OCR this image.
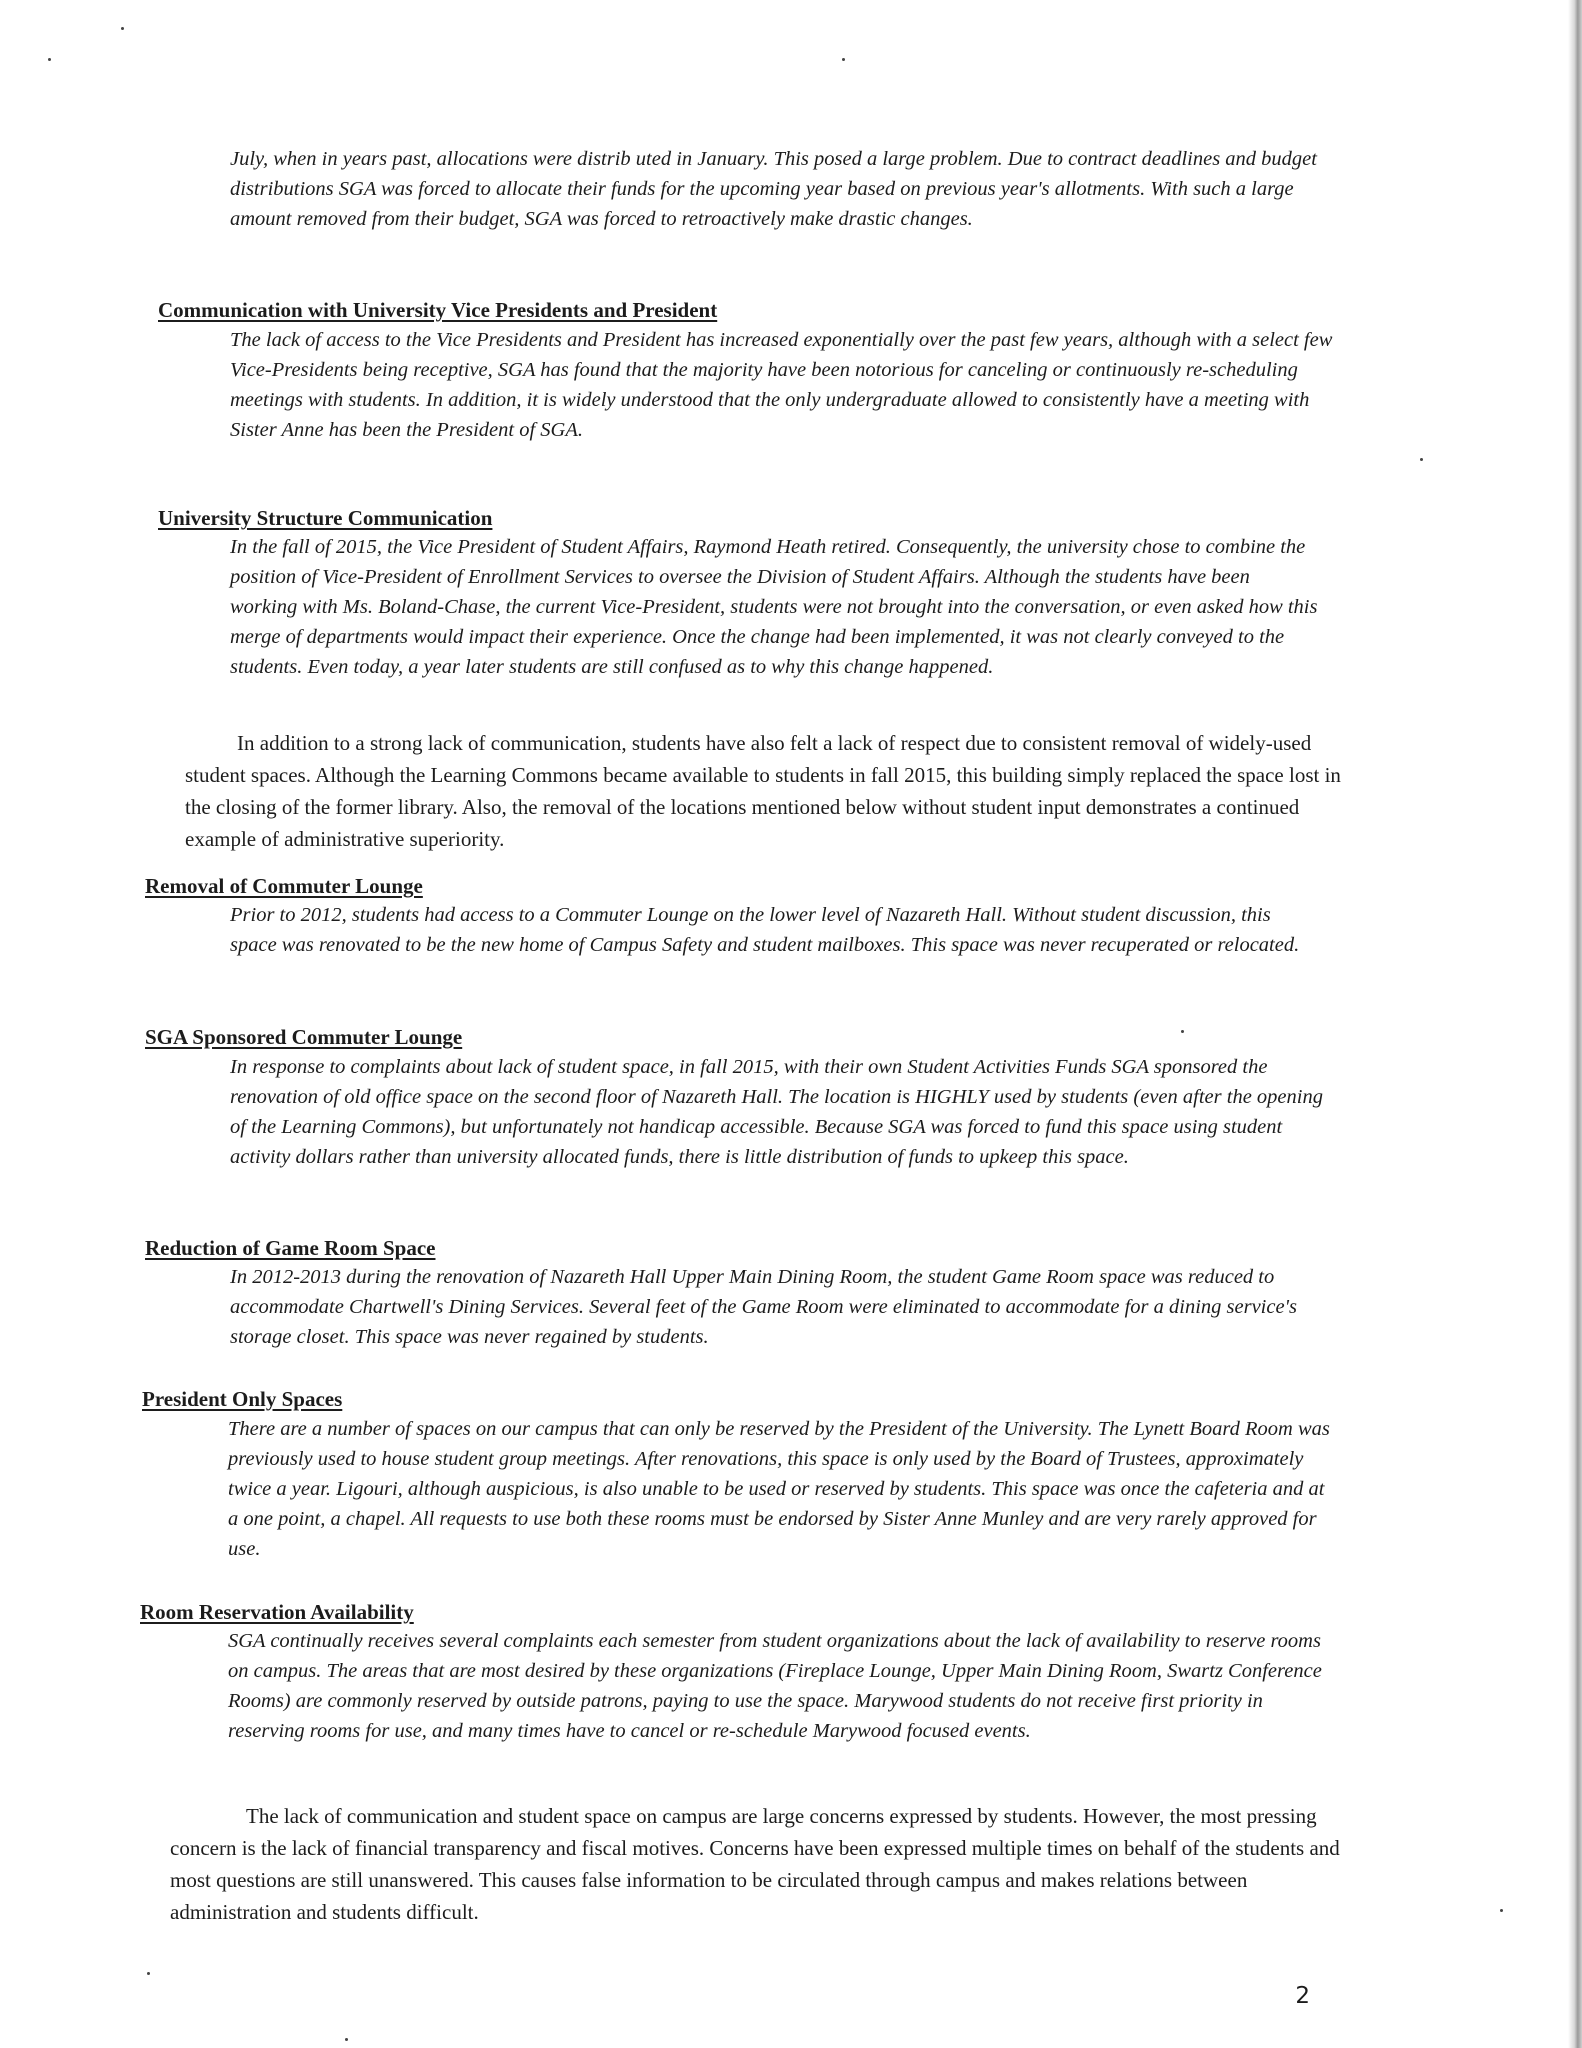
July, when in years past, allocations were distrib uted in January. This posed a large problem. Due to contract deadlines and budget distributions SGA was forced to allocate their funds for the upcoming year based on previous year's allotments. With such a large amount removed from their budget, SGA was forced to retroactively make drastic changes.

Communication with University Vice Presidents and President

The lack of access to the Vice Presidents and President has increased exponentially over the past few years, although with a select few Vice-Presidents being receptive, SGA has found that the majority have been notorious for canceling or continuously re-scheduling meetings with students. In addition, it is widely understood that the only undergraduate allowed to consistently have a meeting with Sister Anne has been the President of SGA.

University Structure Communication

In the fall of 2015, the Vice President of Student Affairs, Raymond Heath retired. Consequently, the university chose to combine the position of Vice-President of Enrollment Services to oversee the Division of Student Affairs. Although the students have been working with Ms. Boland-Chase, the current Vice-President, students were not brought into the conversation, or even asked how this merge of departments would impact their experience. Once the change had been implemented, it was not clearly conveyed to the students. Even today, a year later students are still confused as to why this change happened.

In addition to a strong lack of communication, students have also felt a lack of respect due to consistent removal of widely-used student spaces. Although the Learning Commons became available to students in fall 2015, this building simply replaced the space lost in the closing of the former library. Also, the removal of the locations mentioned below without student input demonstrates a continued example of administrative superiority.

Removal of Commuter Lounge

Prior to 2012, students had access to a Commuter Lounge on the lower level of Nazareth Hall. Without student discussion, this space was renovated to be the new home of Campus Safety and student mailboxes. This space was never recuperated or relocated.

SGA Sponsored Commuter Lounge

In response to complaints about lack of student space, in fall 2015, with their own Student Activities Funds SGA sponsored the renovation of old office space on the second floor of Nazareth Hall. The location is HIGHLY used by students (even after the opening of the Learning Commons), but unfortunately not handicap accessible. Because SGA was forced to fund this space using student activity dollars rather than university allocated funds, there is little distribution of funds to upkeep this space.

Reduction of Game Room Space

In 2012-2013 during the renovation of Nazareth Hall Upper Main Dining Room, the student Game Room space was reduced to accommodate Chartwell's Dining Services. Several feet of the Game Room were eliminated to accommodate for a dining service's storage closet. This space was never regained by students.

President Only Spaces

There are a number of spaces on our campus that can only be reserved by the President of the University. The Lynett Board Room was previously used to house student group meetings. After renovations, this space is only used by the Board of Trustees, approximately twice a year. Ligouri, although auspicious, is also unable to be used or reserved by students. This space was once the cafeteria and at a one point, a chapel. All requests to use both these rooms must be endorsed by Sister Anne Munley and are very rarely approved for use.

Room Reservation Availability

SGA continually receives several complaints each semester from student organizations about the lack of availability to reserve rooms on campus. The areas that are most desired by these organizations (Fireplace Lounge, Upper Main Dining Room, Swartz Conference Rooms) are commonly reserved by outside patrons, paying to use the space. Marywood students do not receive first priority in reserving rooms for use, and many times have to cancel or re-schedule Marywood focused events.

The lack of communication and student space on campus are large concerns expressed by students. However, the most pressing concern is the lack of financial transparency and fiscal motives. Concerns have been expressed multiple times on behalf of the students and most questions are still unanswered. This causes false information to be circulated through campus and makes relations between administration and students difficult.

2
